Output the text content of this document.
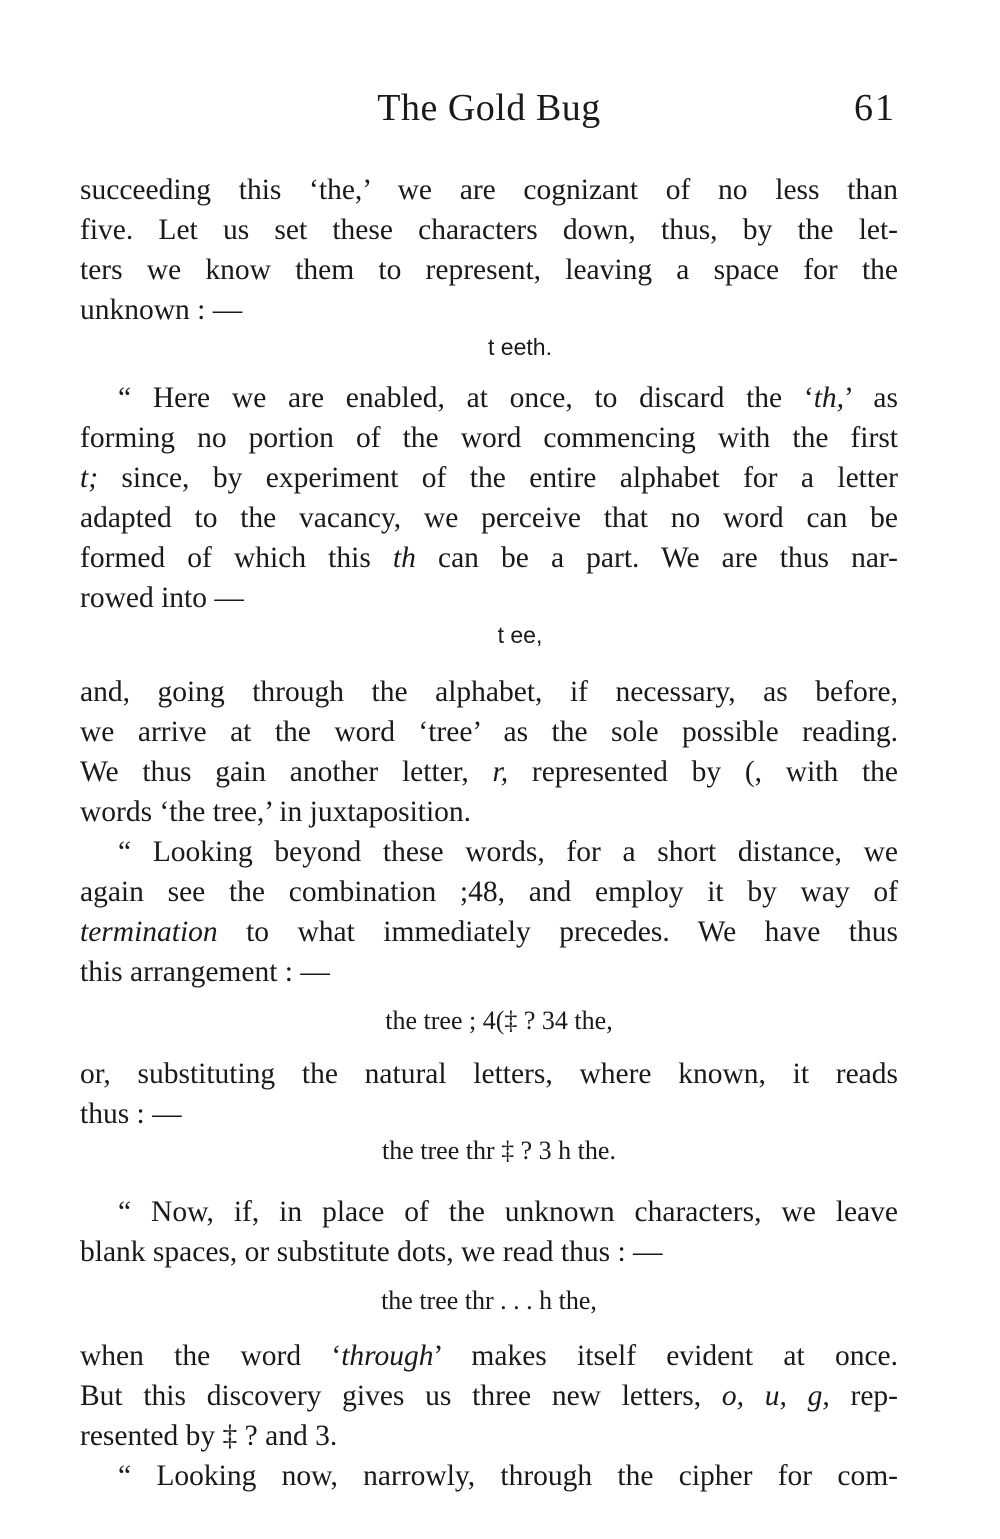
The Gold Bug	61

succeeding this ‘the,’ we are cognizant of no less than
five. Let us set these characters down, thus, by the let-
ters we know them to represent, leaving a space for the
unknown : —

t eeth.

“ Here we are enabled, at once, to discard the ‘th,’ as
forming no portion of the word commencing with the first
t; since, by experiment of the entire alphabet for a letter
adapted to the vacancy, we perceive that no word can be
formed of which this th can be a part. We are thus nar-
rowed into —

t ee,

and, going through the alphabet, if necessary, as before,
we arrive at the word ‘tree’ as the sole possible reading.
We thus gain another letter, r, represented by (, with the
words ‘the tree,’ in juxtaposition.

“ Looking beyond these words, for a short distance, we
again see the combination ;48, and employ it by way of
termination to what immediately precedes. We have thus
this arrangement : —

the tree ; 4(‡ ? 34 the,

or, substituting the natural letters, where known, it reads
thus : —

the tree thr ‡ ? 3 h the.

“ Now, if, in place of the unknown characters, we leave
blank spaces, or substitute dots, we read thus : —

the tree thr . . . h the,

when the word ‘through’ makes itself evident at once.
But this discovery gives us three new letters, o, u, g, rep-
resented by ‡ ? and 3.

“ Looking now, narrowly, through the cipher for com-
